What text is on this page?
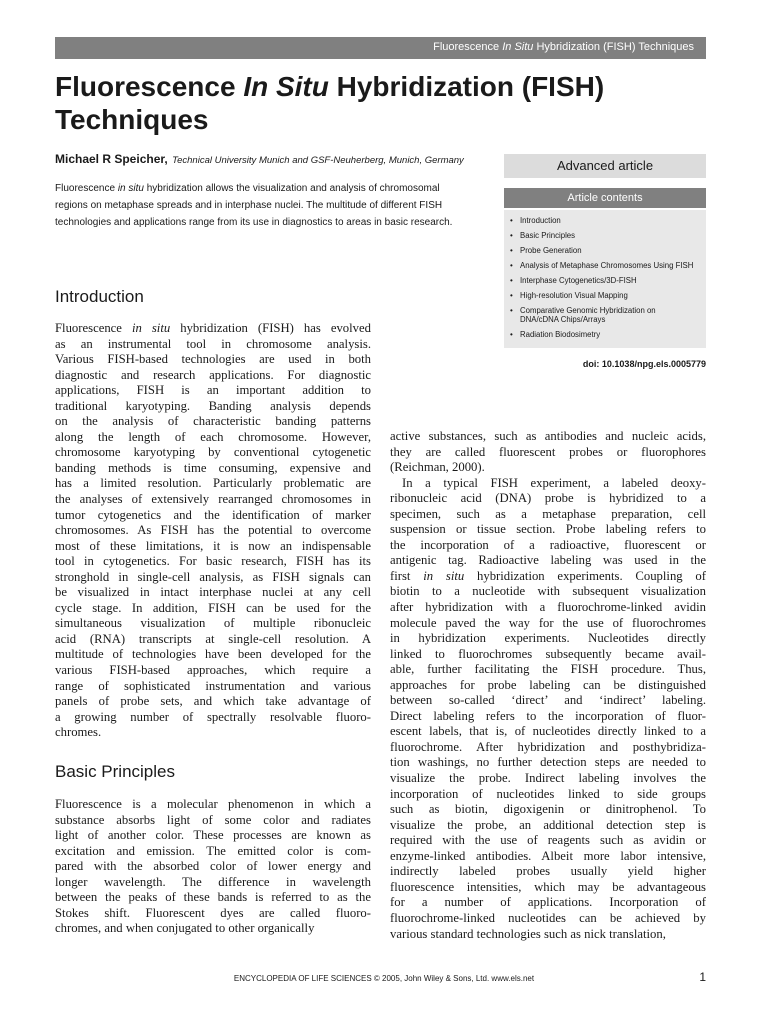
Fluorescence In Situ Hybridization (FISH) Techniques
Fluorescence In Situ Hybridization (FISH)
Techniques
Michael R Speicher, Technical University Munich and GSF-Neuherberg, Munich, Germany
Fluorescence in situ hybridization allows the visualization and analysis of chromosomal
regions on metaphase spreads and in interphase nuclei. The multitude of different FISH
technologies and applications range from its use in diagnostics to areas in basic research.
Advanced article
Article contents
• Introduction
• Basic Principles
• Probe Generation
• Analysis of Metaphase Chromosomes Using FISH
• Interphase Cytogenetics/3D-FISH
• High-resolution Visual Mapping
• Comparative Genomic Hybridization on
DNA/cDNA Chips/Arrays
• Radiation Biodosimetry
doi: 10.1038/npg.els.0005779
Introduction
Fluorescence in situ hybridization (FISH) has evolved
as an instrumental tool in chromosome analysis.
Various FISH-based technologies are used in both
diagnostic and research applications. For diagnostic
applications, FISH is an important addition to
traditional karyotyping. Banding analysis depends
on the analysis of characteristic banding patterns
along the length of each chromosome. However,
chromosome karyotyping by conventional cytogenetic
banding methods is time consuming, expensive and
has a limited resolution. Particularly problematic are
the analyses of extensively rearranged chromosomes in
tumor cytogenetics and the identification of marker
chromosomes. As FISH has the potential to overcome
most of these limitations, it is now an indispensable
tool in cytogenetics. For basic research, FISH has its
stronghold in single-cell analysis, as FISH signals can
be visualized in intact interphase nuclei at any cell
cycle stage. In addition, FISH can be used for the
simultaneous visualization of multiple ribonucleic
acid (RNA) transcripts at single-cell resolution. A
multitude of technologies have been developed for the
various FISH-based approaches, which require a
range of sophisticated instrumentation and various
panels of probe sets, and which take advantage of
a growing number of spectrally resolvable fluoro-
chromes.
Basic Principles
Fluorescence is a molecular phenomenon in which a
substance absorbs light of some color and radiates
light of another color. These processes are known as
excitation and emission. The emitted color is com-
pared with the absorbed color of lower energy and
longer wavelength. The difference in wavelength
between the peaks of these bands is referred to as the
Stokes shift. Fluorescent dyes are called fluoro-
chromes, and when conjugated to other organically

active substances, such as antibodies and nucleic acids,
they are called fluorescent probes or fluorophores
(Reichman, 2000).

In a typical FISH experiment, a labeled deoxy-
ribonucleic acid (DNA) probe is hybridized to a
specimen, such as a metaphase preparation, cell
suspension or tissue section. Probe labeling refers to
the incorporation of a radioactive, fluorescent or
antigenic tag. Radioactive labeling was used in the
first in situ hybridization experiments. Coupling of
biotin to a nucleotide with subsequent visualization
after hybridization with a fluorochrome-linked avidin
molecule paved the way for the use of fluorochromes
in hybridization experiments. Nucleotides directly
linked to fluorochromes subsequently became avail-
able, further facilitating the FISH procedure. Thus,
approaches for probe labeling can be distinguished
between so-called ‘direct’ and ‘indirect’ labeling.
Direct labeling refers to the incorporation of fluor-
escent labels, that is, of nucleotides directly linked to a
fluorochrome. After hybridization and posthybridiza-
tion washings, no further detection steps are needed to
visualize the probe. Indirect labeling involves the
incorporation of nucleotides linked to side groups
such as biotin, digoxigenin or dinitrophenol. To
visualize the probe, an additional detection step is
required with the use of reagents such as avidin or
enzyme-linked antibodies. Albeit more labor intensive,
indirectly labeled probes usually yield higher
fluorescence intensities, which may be advantageous
for a number of applications. Incorporation of
fluorochrome-linked nucleotides can be achieved by
various standard technologies such as nick translation,

ENCYCLOPEDIA OF LIFE SCIENCES © 2005, John Wiley & Sons, Ltd. www.els.net	1
